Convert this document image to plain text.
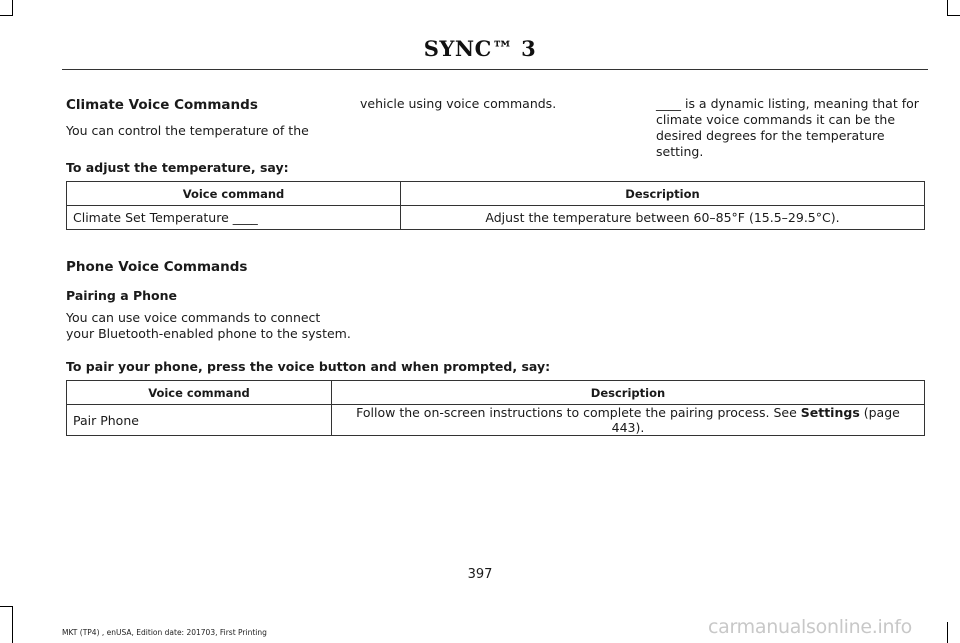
SYNC™ 3
Climate Voice Commands
You can control the temperature of the
vehicle using voice commands.	____ is a dynamic listing, meaning that for
climate voice commands it can be the
desired degrees for the temperature setting.
To adjust the temperature, say:
Voice command	Description
Climate Set Temperature ____	Adjust the temperature between 60–85°F (15.5–29.5°C).
Phone Voice Commands
Pairing a Phone
You can use voice commands to connect
your Bluetooth-enabled phone to the system.
To pair your phone, press the voice button and when prompted, say:
Voice command	Description
Pair Phone	Follow the on-screen instructions to complete the pairing process. See Settings (page 443).
397
MKT (TP4) , enUSA, Edition date: 201703, First Printing	carmanualsonline.info
